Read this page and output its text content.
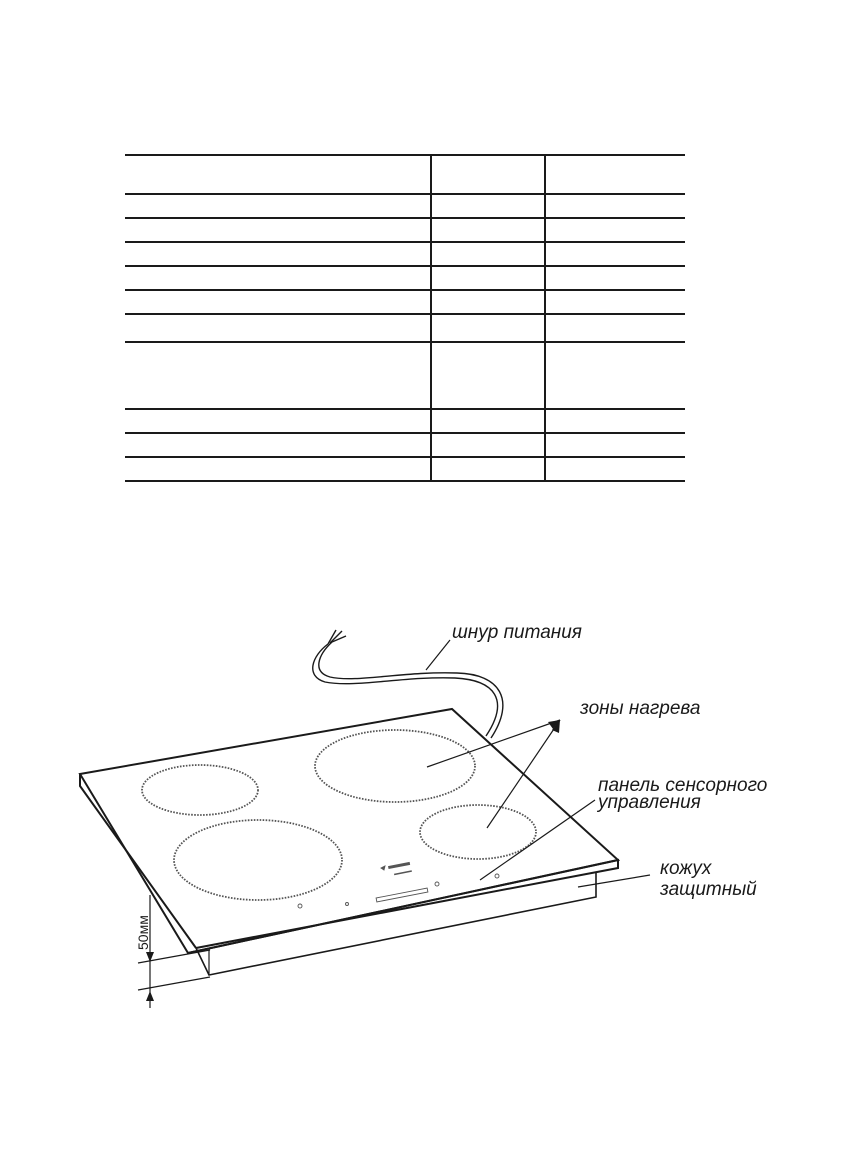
шнур питания
зоны нагрева
панель сенсорного
управления
кожух
защитный
50мм
